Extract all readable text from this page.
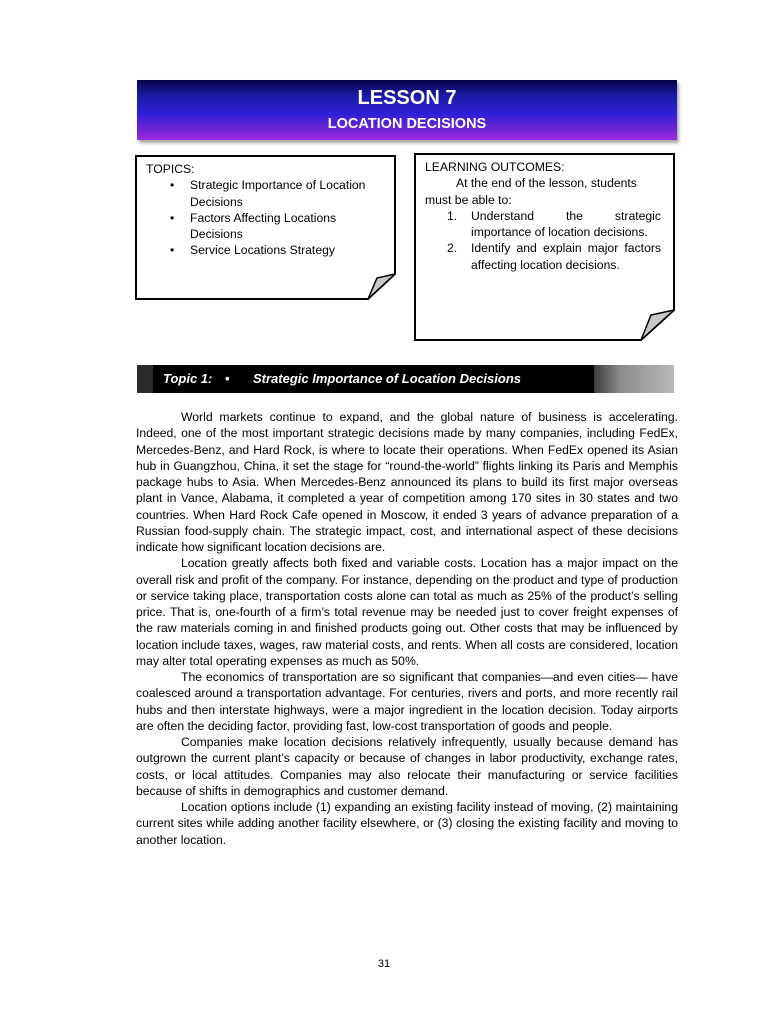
LESSON 7
LOCATION DECISIONS
TOPICS:
• Strategic Importance of Location Decisions
• Factors Affecting Locations Decisions
• Service Locations Strategy
LEARNING OUTCOMES:
At the end of the lesson, students must be able to:
1. Understand the strategic importance of location decisions.
2. Identify and explain major factors affecting location decisions.
Topic 1: • Strategic Importance of Location Decisions

World markets continue to expand, and the global nature of business is accelerating. Indeed, one of the most important strategic decisions made by many companies, including FedEx, Mercedes-Benz, and Hard Rock, is where to locate their operations. When FedEx opened its Asian hub in Guangzhou, China, it set the stage for “round-the-world” flights linking its Paris and Memphis package hubs to Asia. When Mercedes-Benz announced its plans to build its first major overseas plant in Vance, Alabama, it completed a year of competition among 170 sites in 30 states and two countries. When Hard Rock Cafe opened in Moscow, it ended 3 years of advance preparation of a Russian food-supply chain. The strategic impact, cost, and international aspect of these decisions indicate how significant location decisions are.

Location greatly affects both fixed and variable costs. Location has a major impact on the overall risk and profit of the company. For instance, depending on the product and type of production or service taking place, transportation costs alone can total as much as 25% of the product’s selling price. That is, one-fourth of a firm’s total revenue may be needed just to cover freight expenses of the raw materials coming in and finished products going out. Other costs that may be influenced by location include taxes, wages, raw material costs, and rents. When all costs are considered, location may alter total operating expenses as much as 50%.

The economics of transportation are so significant that companies—and even cities— have coalesced around a transportation advantage. For centuries, rivers and ports, and more recently rail hubs and then interstate highways, were a major ingredient in the location decision. Today airports are often the deciding factor, providing fast, low-cost transportation of goods and people.

Companies make location decisions relatively infrequently, usually because demand has outgrown the current plant’s capacity or because of changes in labor productivity, exchange rates, costs, or local attitudes. Companies may also relocate their manufacturing or service facilities because of shifts in demographics and customer demand.

Location options include (1) expanding an existing facility instead of moving, (2) maintaining current sites while adding another facility elsewhere, or (3) closing the existing facility and moving to another location.

31
